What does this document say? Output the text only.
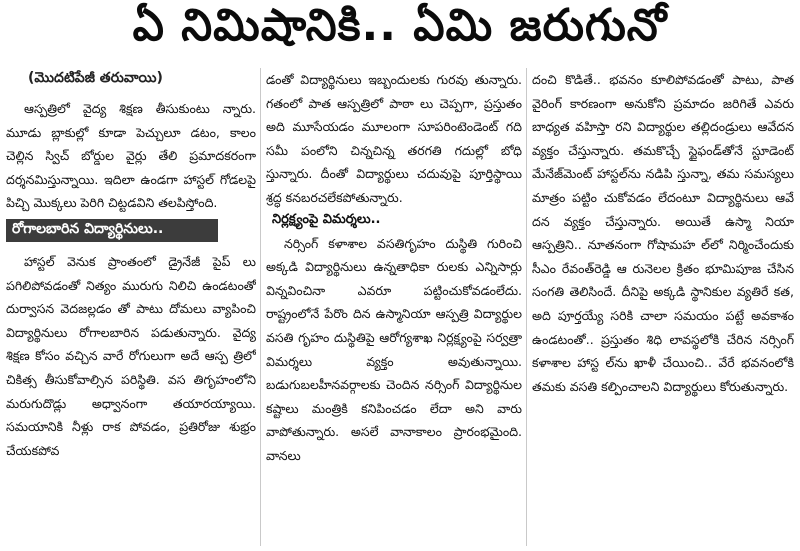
ఏ నిమిషానికి.. ఏమి జరుగునో
(మొదటిపేజీ తరువాయి)

ఆస్పత్రిలో వైద్య శిక్షణ తీసుకుంటు న్నారు. మూడు బ్లాకుల్లో కూడా పెచ్చులూ డటం, కాలం చెల్లిన స్విచ్ బోర్డుల వైర్లు తేలి ప్రమాదకరంగా దర్శనమిస్తున్నాయి. ఇదిలా ఉండగా హాస్టల్ గోడలపై పిచ్చి మొక్కలు పెరిగి చిట్టడవిని తలపిస్తోంది.

రోగాలబారిన విద్యార్థినులు..

హాస్టల్ వెనుక ప్రాంతంలో డ్రైనేజీ పైప్ లు పగిలిపోవడంతో నిత్యం మురుగు నిలిచి ఉండటంతో దుర్వాసన వెదజల్లడం తో పాటు దోమలు వ్యాపించి విద్యార్థినులు రోగాలబారిన పడుతున్నారు. వైద్య శిక్షణ కోసం వచ్చిన వారే రోగులుగా అదే ఆస్ప త్రిలో చికిత్స తీసుకోవాల్సిన పరిస్థితి. వస తిగృహంలోని మరుగుదొడ్లు అధ్వానంగా తయారయ్యాయి. సమయానికి నీళ్లు రాక పోవడం, ప్రతిరోజు శుభ్రం చేయకపోవ

డంతో విద్యార్థినులు ఇబ్బందులకు గురవు తున్నారు. గతంలో పాత ఆస్పత్రిలో పాఠా లు చెప్పగా, ప్రస్తుతం అది మూసేయడం మూలంగా సూపరింటెండెంట్ గది సమీ పంలోని చిన్నచిన్న తరగతి గదుల్లో బోధి స్తున్నారు. దీంతో విద్యార్థులు చదువుపై పూర్తిస్థాయి శ్రద్ధ కనబరచలేకపోతున్నారు.

నిర్లక్ష్యంపై విమర్శలు..

నర్సింగ్ కళాశాల వసతిగృహం దుస్థితి గురించి అక్కడి విద్యార్థినులు ఉన్నతాధికా రులకు ఎన్నిసార్లు విన్నవించినా ఎవరూ పట్టించుకోవడంలేదు. రాష్ట్రంలోనే పేరొం దిన ఉస్మానియా ఆస్పత్రి విద్యార్థుల వసతి గృహం దుస్థితిపై ఆరోగ్యశాఖ నిర్లక్ష్యంపై సర్వత్రా విమర్శలు వ్యక్తం అవుతున్నాయి. బడుగుబలహీనవర్గాలకు చెందిన నర్సింగ్ విద్యార్థినుల కష్టాలు మంత్రికి కనిపించడం లేదా అని వారు వాపోతున్నారు. అసలే వానాకాలం ప్రారంభమైంది. వానలు

దంచి కొడితే.. భవనం కూలిపోవడంతో పాటు, పాత వైరింగ్ కారణంగా అనుకోని ప్రమాదం జరిగితే ఎవరు బాధ్యత వహిస్తా రని విద్యార్థుల తల్లిదండ్రులు ఆవేదన వ్యక్తం చేస్తున్నారు. తమకొచ్చే స్టైఫండ్‌తోనే స్టూడెంట్ మేనేజ్‌మెంట్ హాస్టల్‌ను నడిపి స్తున్నా, తమ సమస్యలు మాత్రం పట్టిం చుకోవడం లేదంటూ విద్యార్థినులు ఆవే దన వ్యక్తం చేస్తున్నారు. అయితే ఉస్మా నియా ఆస్పత్రిని.. నూతనంగా గోషామహ ల్‌లో నిర్మించేందుకు సీఎం రేవంత్‌రెడ్డి ఆ రునెలల క్రితం భూమిపూజ చేసిన సంగతి తెలిసిందే. దీనిపై అక్కడి స్థానికుల వ్యతిరే కత, అది పూర్తయ్యే సరికి చాలా సమయం పట్టే అవకాశం ఉండటంతో.. ప్రస్తుతం శిధి లావస్థలోకి చేరిన నర్సింగ్ కళాశాల హాస్ట ల్‌ను ఖాళీ చేయించి.. వేరే భవనంలోకి తమకు వసతి కల్పించాలని విద్యార్థులు కోరుతున్నారు.
